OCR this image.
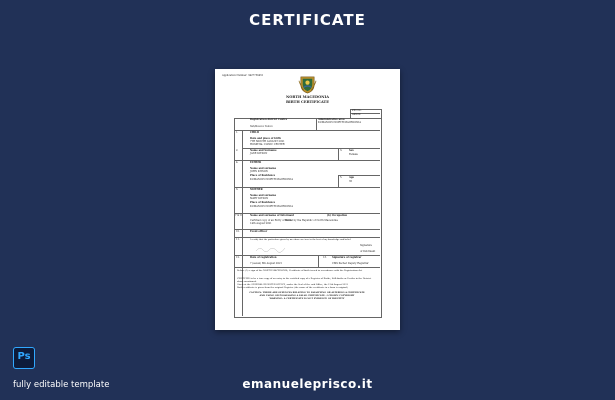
CERTIFICATE
Application Number: 3427736451
NORTH MACEDONIA
BIRTH CERTIFICATE
PIN No.
A9N89
Registration district Centre
Suh/Kosovo Tetovo
Administrative area
KUMANOVO NORTH MACEDONIA
1.	CHILD
Date and place of birth
7TH MONTH AUGUST 2021
HOSPITAL CLINIC CENTER
2.	Name and Surname
JANE KITSON
3.	Sex
Female
4.	FATHER
Name and surname
JOHN KITSON
Place of Residence
KUMANOVO NORTH MACEDONIA
5.	Age
35
6.	MOTHER
Name and surname
MARY KITSON
Place of Residence
KUMANOVO NORTH MACEDONIA
7 & 8	Name and surname of Informant	(b) Occupation
Certified copy of an Entry of Birth
14th August 2021
Issued by the Republic of North Macedonia
10.	Event officer
11.	I certify that the particulars given by me above are true to the best of my knowledge and belief
Signature
of Informant
12.	Date of registration	13. Signature of registrar
7 (seven) 8th August 2021	CMS Pecher Deputy Registrar
Before (?) a sign of the NORTH MACEDONIA, Certificate of birth issued in accordance with the Registration Act
CERTIFIED to be a true copy of an entry in the certified copy of a Register of Births, Still-births or Deaths in the District above mentioned.
Given at the GENERAL REGISTER OFFICE, under the Seal of the said Office, the 12th August 2021
Birth certificate is given from the original Register (the name of the certificate in a form is original)
CAUTION: THERE ARE OFFENCES RELATING TO FALSIFYING OR ALTERING A CERTIFICATE
AND USING OR POSSESSING A FALSE CERTIFICATE. ©CROWN COPYRIGHT
WARNING: A CERTIFICATE IS NOT EVIDENCE OF IDENTITY
Ps
fully editable template	emanueleprisco.it
